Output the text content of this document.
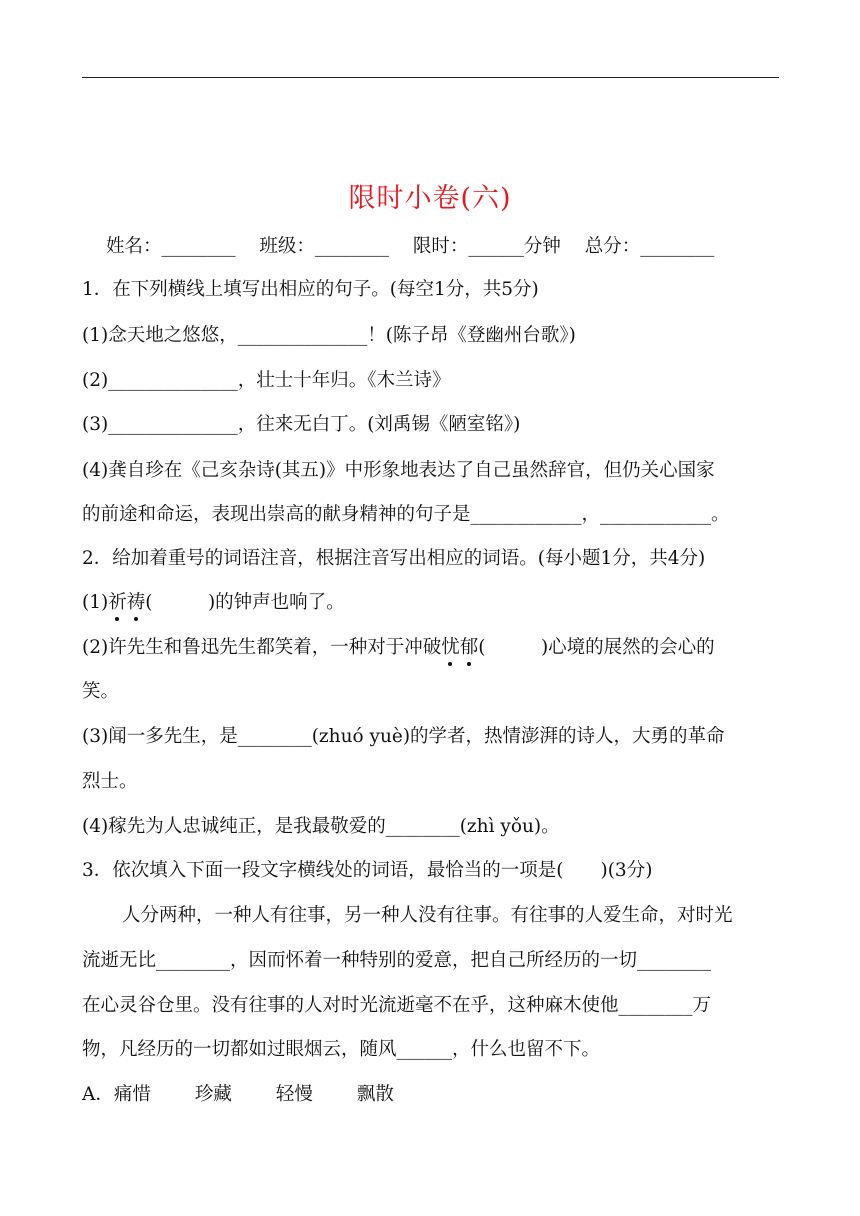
限时小卷(六)
姓名：________ 班级：________ 限时：______分钟 总分：________
1．在下列横线上填写出相应的句子。(每空1分，共5分)
(1)念天地之悠悠，______________！(陈子昂《登幽州台歌》)
(2)______________，壮士十年归。《木兰诗》
(3)______________，往来无白丁。(刘禹锡《陋室铭》)
(4)龚自珍在《己亥杂诗(其五)》中形象地表达了自己虽然辞官，但仍关心国家
的前途和命运，表现出崇高的献身精神的句子是____________，____________。
2．给加着重号的词语注音，根据注音写出相应的词语。(每小题1分，共4分)
(1)祈祷(　　　)的钟声也响了。
(2)许先生和鲁迅先生都笑着，一种对于冲破忧郁(　　　)心境的展然的会心的
笑。
(3)闻一多先生，是________(zhuó yuè)的学者，热情澎湃的诗人，大勇的革命
烈士。
(4)稼先为人忠诚纯正，是我最敬爱的________(zhì yǒu)。
3．依次填入下面一段文字横线处的词语，最恰当的一项是(　　)(3分)
人分两种，一种人有往事，另一种人没有往事。有往事的人爱生命，对时光
流逝无比________，因而怀着一种特别的爱意，把自己所经历的一切________
在心灵谷仓里。没有往事的人对时光流逝毫不在乎，这种麻木使他________万
物，凡经历的一切都如过眼烟云，随风______，什么也留不下。
A．痛惜 珍藏 轻慢 飘散
